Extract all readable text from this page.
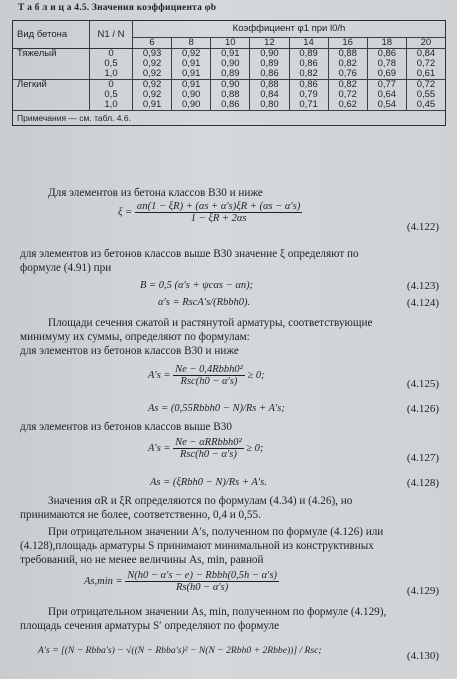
Т а б л и ц а 4.5. Значения коэффициента φb
Вид бетона	N1 / N	Коэффициент φ1 при l0/h							
		6	8	10	12	14	16	18	20
Тяжелый	0	0,93	0,92	0,91	0,90	0,89	0,88	0,86	0,84
	0,5	0,92	0,91	0,90	0,89	0,86	0,82	0,78	0,72
	1,0	0,92	0,91	0,89	0,86	0,82	0,76	0,69	0,61
Легкий	0	0,92	0,91	0,90	0,88	0,86	0,82	0,77	0,72
	0,5	0,92	0,90	0,88	0,84	0,79	0,72	0,64	0,55
	1,0	0,91	0,90	0,86	0,80	0,71	0,62	0,54	0,45
Примечания — см. табл. 4.6.									
Для элементов из бетона классов В30 и ниже
$\xi = \frac{\alpha n(1 - \xi R) + (\alpha s + \alpha's)\xi R + (\alpha s - \alpha's)}{1 - \xi R + 2\alpha s}$
(4.122)
для элементов из бетонов классов выше В30 значение ξ определяют по
формуле (4.91) при
B = 0,5 (α′s + ψcαs − αn);	(4.123)
α′s = RscA′s/(Rbbh0).	(4.124)
Площади сечения сжатой и растянутой арматуры, соответствующие
минимуму их суммы, определяют по формулам:
для элементов из бетонов классов В30 и ниже
$A's = \frac{\text{Ne − 0,4Rbbh0²}}{\text{Rsc(h0 − α′s)}} \ge 0$;
(4.125)
As = (0,55Rbbh0 − N)/Rs + A′s;	(4.126)
для элементов из бетонов классов выше В30
$A's = \frac{\text{Ne − αRRbbh0²}}{\text{Rsc(h0 − α′s)}} \ge 0$;
(4.127)
As = (ξRbh0 − N)/Rs + A′s.	(4.128)
Значения αR и ξR определяются по формулам (4.34) и (4.26), но
принимаются не более, соответственно, 0,4 и 0,55.
При отрицательном значении A′s, полученном по формуле (4.126) или
(4.128),площадь арматуры S принимают минимальной из конструктивных
требований, но не менее величины As, min, равной
$As,\min = \frac{\text{N(h0 − α′s − e) − Rbbh(0,5h − α′s)}}{Rs(h0 - \alpha's)}$	(4.129)
При отрицательном значении As, min, полученном по формуле (4.129),
площадь сечения арматуры S′ определяют по формуле
A′s = [(N − Rbba′s) − √((N − Rbba′s)² − N(N − 2Rbh0 + 2Rbbe))] / Rsc;	(4.130)
